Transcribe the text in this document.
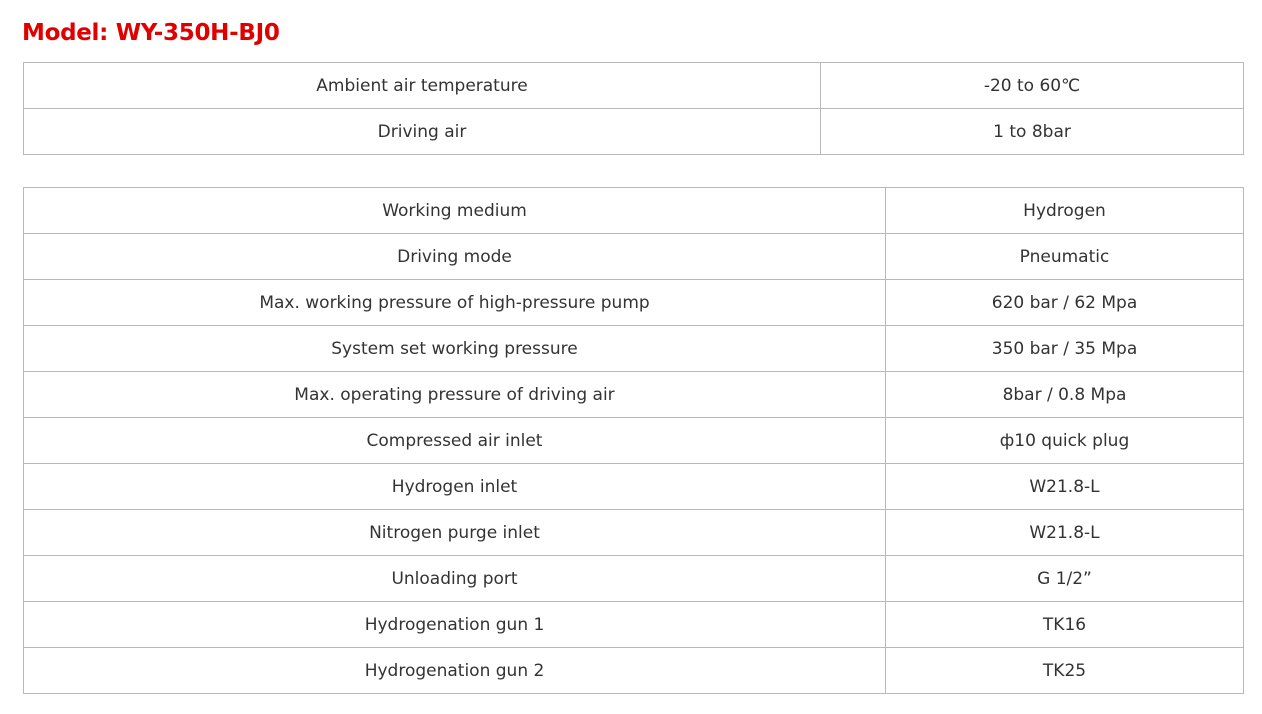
Model: WY-350H-BJ0
Ambient air temperature	-20 to 60℃
Driving air	1 to 8bar
Working medium	Hydrogen
Driving mode	Pneumatic
Max. working pressure of high-pressure pump	620 bar / 62 Mpa
System set working pressure	350 bar / 35 Mpa
Max. operating pressure of driving air	8bar / 0.8 Mpa
Compressed air inlet	ф10 quick plug
Hydrogen inlet	W21.8-L
Nitrogen purge inlet	W21.8-L
Unloading port	G 1/2”
Hydrogenation gun 1	TK16
Hydrogenation gun 2	TK25
